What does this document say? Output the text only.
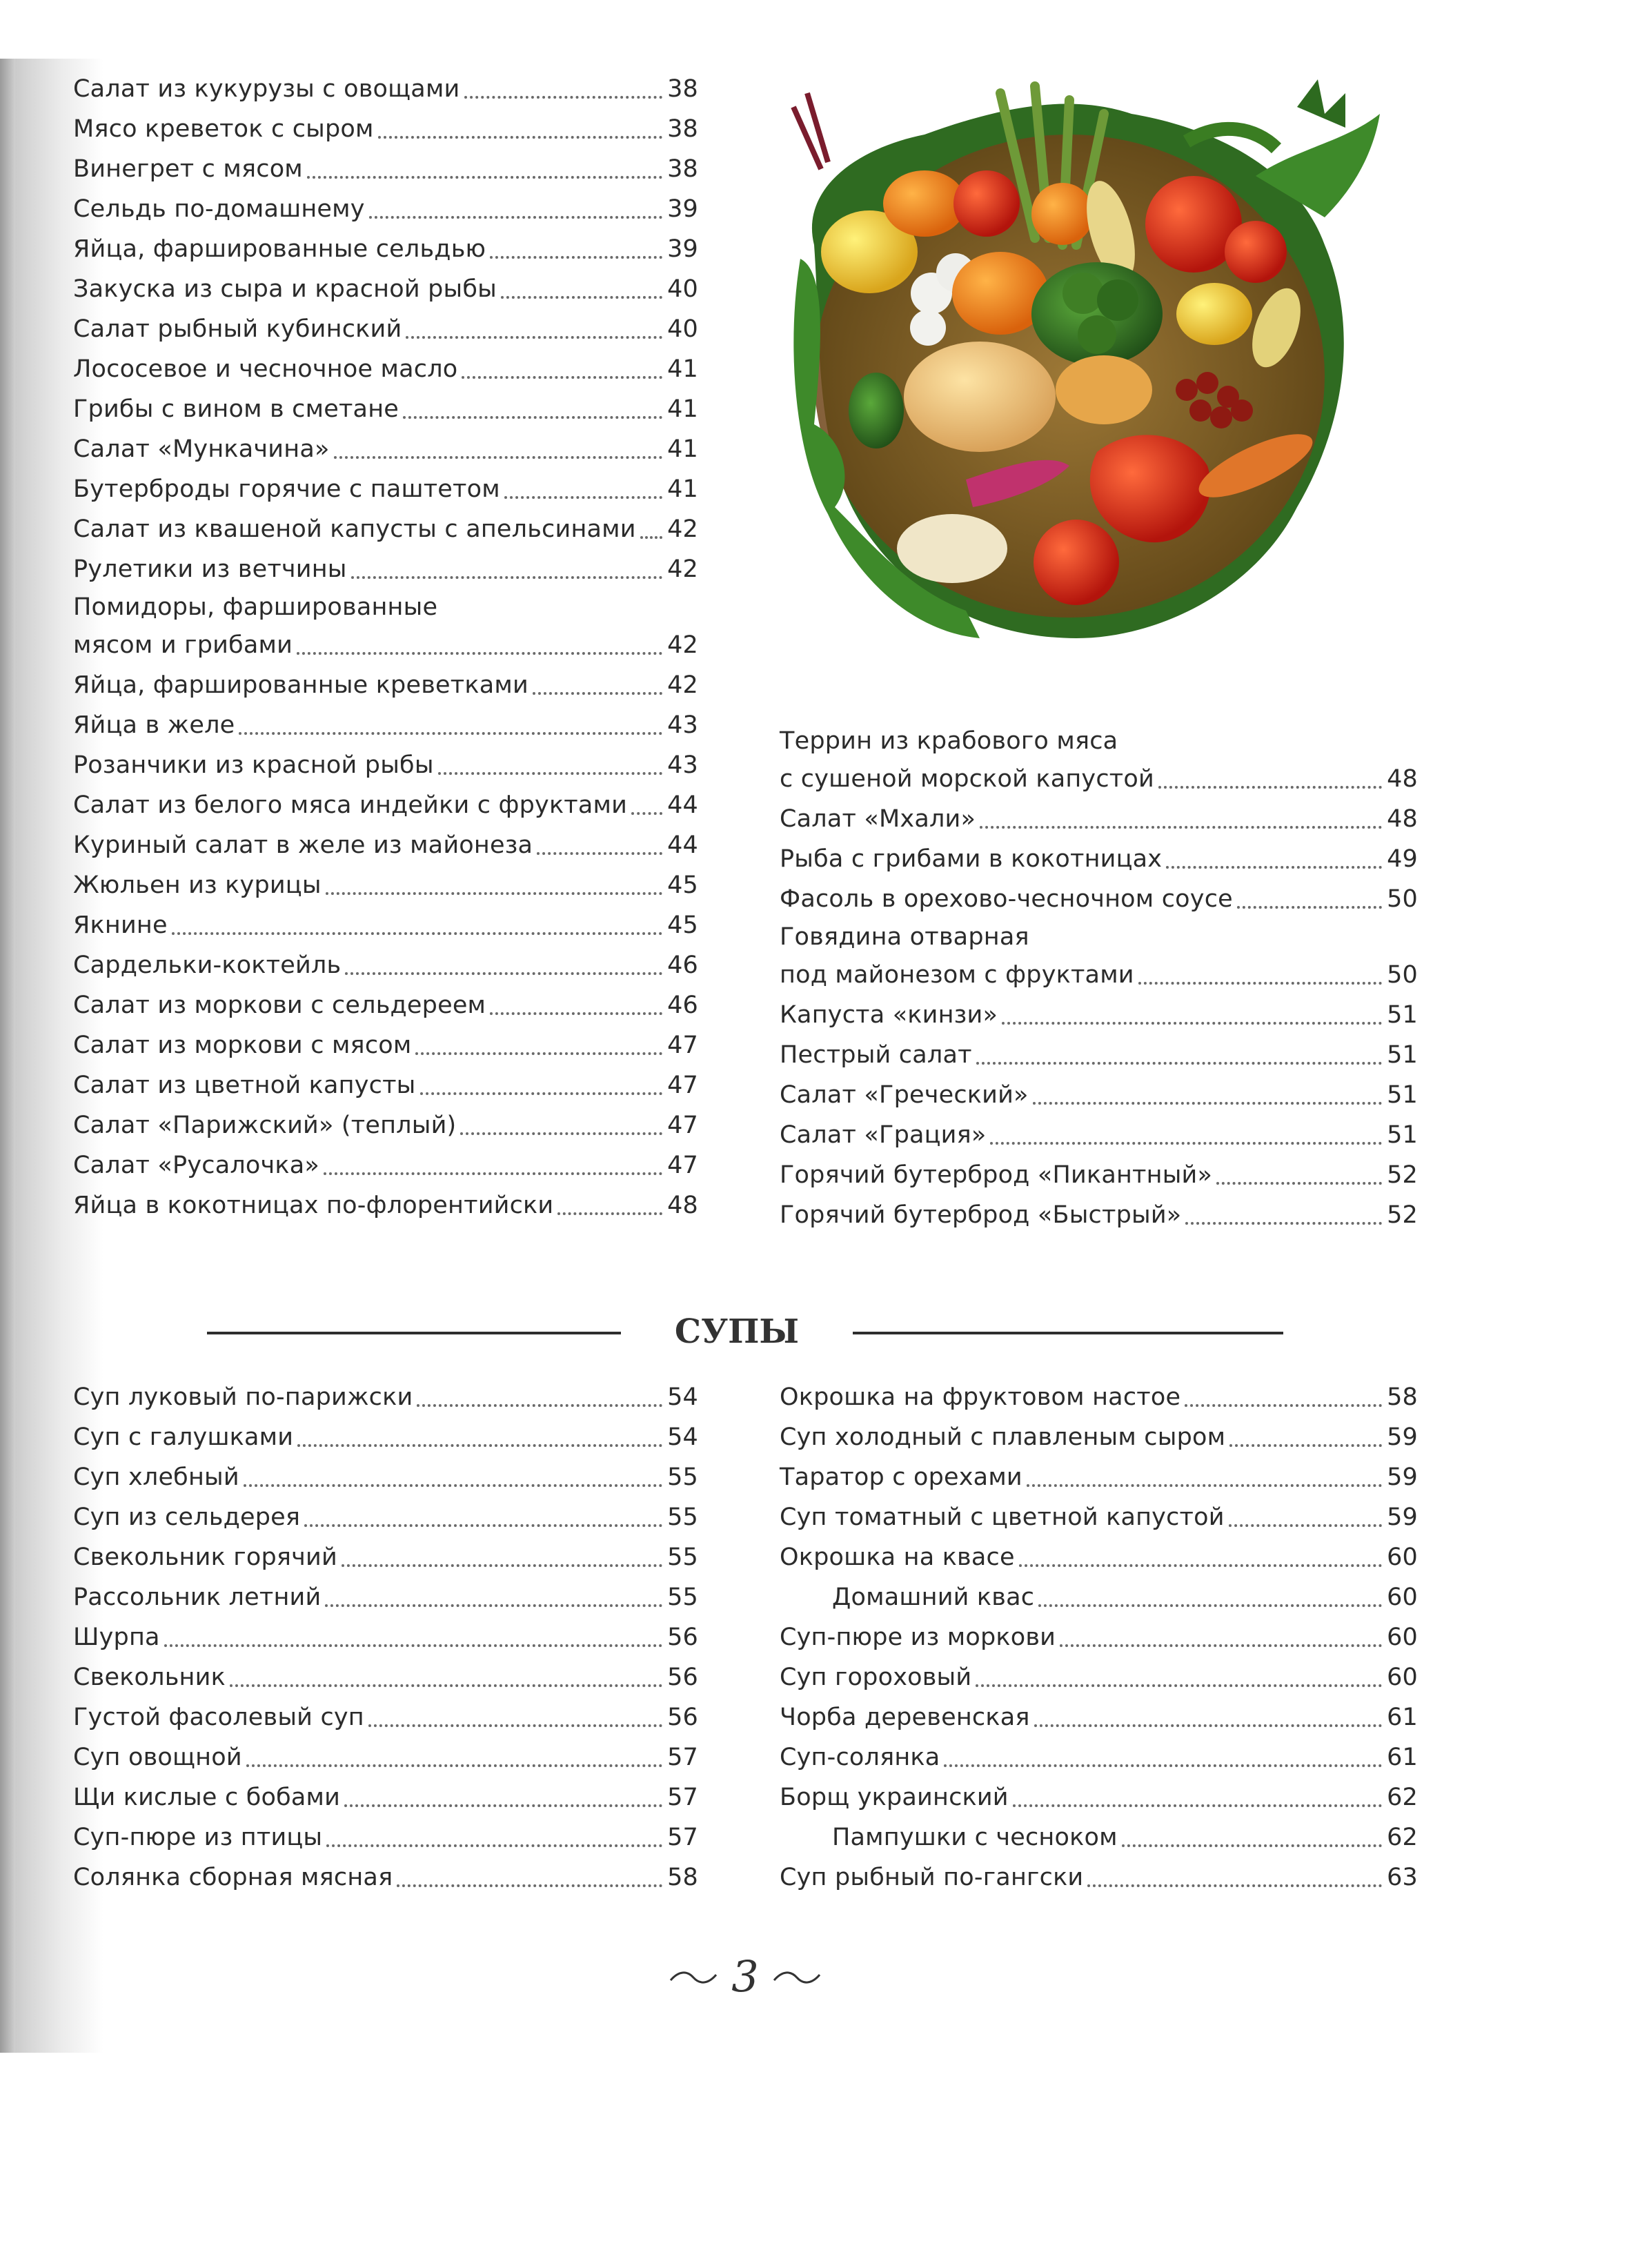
Салат из кукурузы с овощами	38
Мясо креветок с сыром	38
Винегрет с мясом	38
Сельдь по-домашнему	39
Яйца, фаршированные сельдью	39
Закуска из сыра и красной рыбы	40
Салат рыбный кубинский	40
Лососевое и чесночное масло	41
Грибы с вином в сметане	41
Салат «Мункачина»	41
Бутерброды горячие с паштетом	41
Салат из квашеной капусты с апельсинами 42
Рулетики из ветчины	42
Помидоры, фаршированные
мясом и грибами	42
Яйца, фаршированные креветками	42
Яйца в желе	43
Розанчики из красной рыбы	43
Салат из белого мяса индейки с фруктами 44
Куриный салат в желе из майонеза	44
Жюльен из курицы	45
Якнине	45
Сардельки-коктейль	46
Салат из моркови с сельдереем	46
Салат из моркови с мясом	47
Салат из цветной капусты	47
Салат «Парижский» (теплый)	47
Салат «Русалочка»	47
Яйца в кокотницах по-флорентийски	48
Террин из крабового мяса
с сушеной морской капустой	48
Салат «Мхали»	48
Рыба с грибами в кокотницах	49
Фасоль в орехово-чесночном соусе	50
Говядина отварная
под майонезом с фруктами	50
Капуста «кинзи»	51
Пестрый салат	51
Салат «Греческий»	51
Салат «Грация»	51
Горячий бутерброд «Пикантный»	52
Горячий бутерброд «Быстрый»	52
СУПЫ
Суп луковый по-парижски	54
Суп с галушками	54
Суп хлебный	55
Суп из сельдерея	55
Свекольник горячий	55
Рассольник летний	55
Шурпа	56
Свекольник	56
Густой фасолевый суп	56
Суп овощной	57
Щи кислые с бобами	57
Суп-пюре из птицы	57
Солянка сборная мясная	58
Окрошка на фруктовом настое	58
Суп холодный с плавленым сыром	59
Таратор с орехами	59
Суп томатный с цветной капустой	59
Окрошка на квасе	60
Домашний квас	60
Суп-пюре из моркови	60
Суп гороховый	60
Чорба деревенская	61
Суп-солянка	61
Борщ украинский	62
Пампушки с чесноком	62
Суп рыбный по-гангски	63
3
